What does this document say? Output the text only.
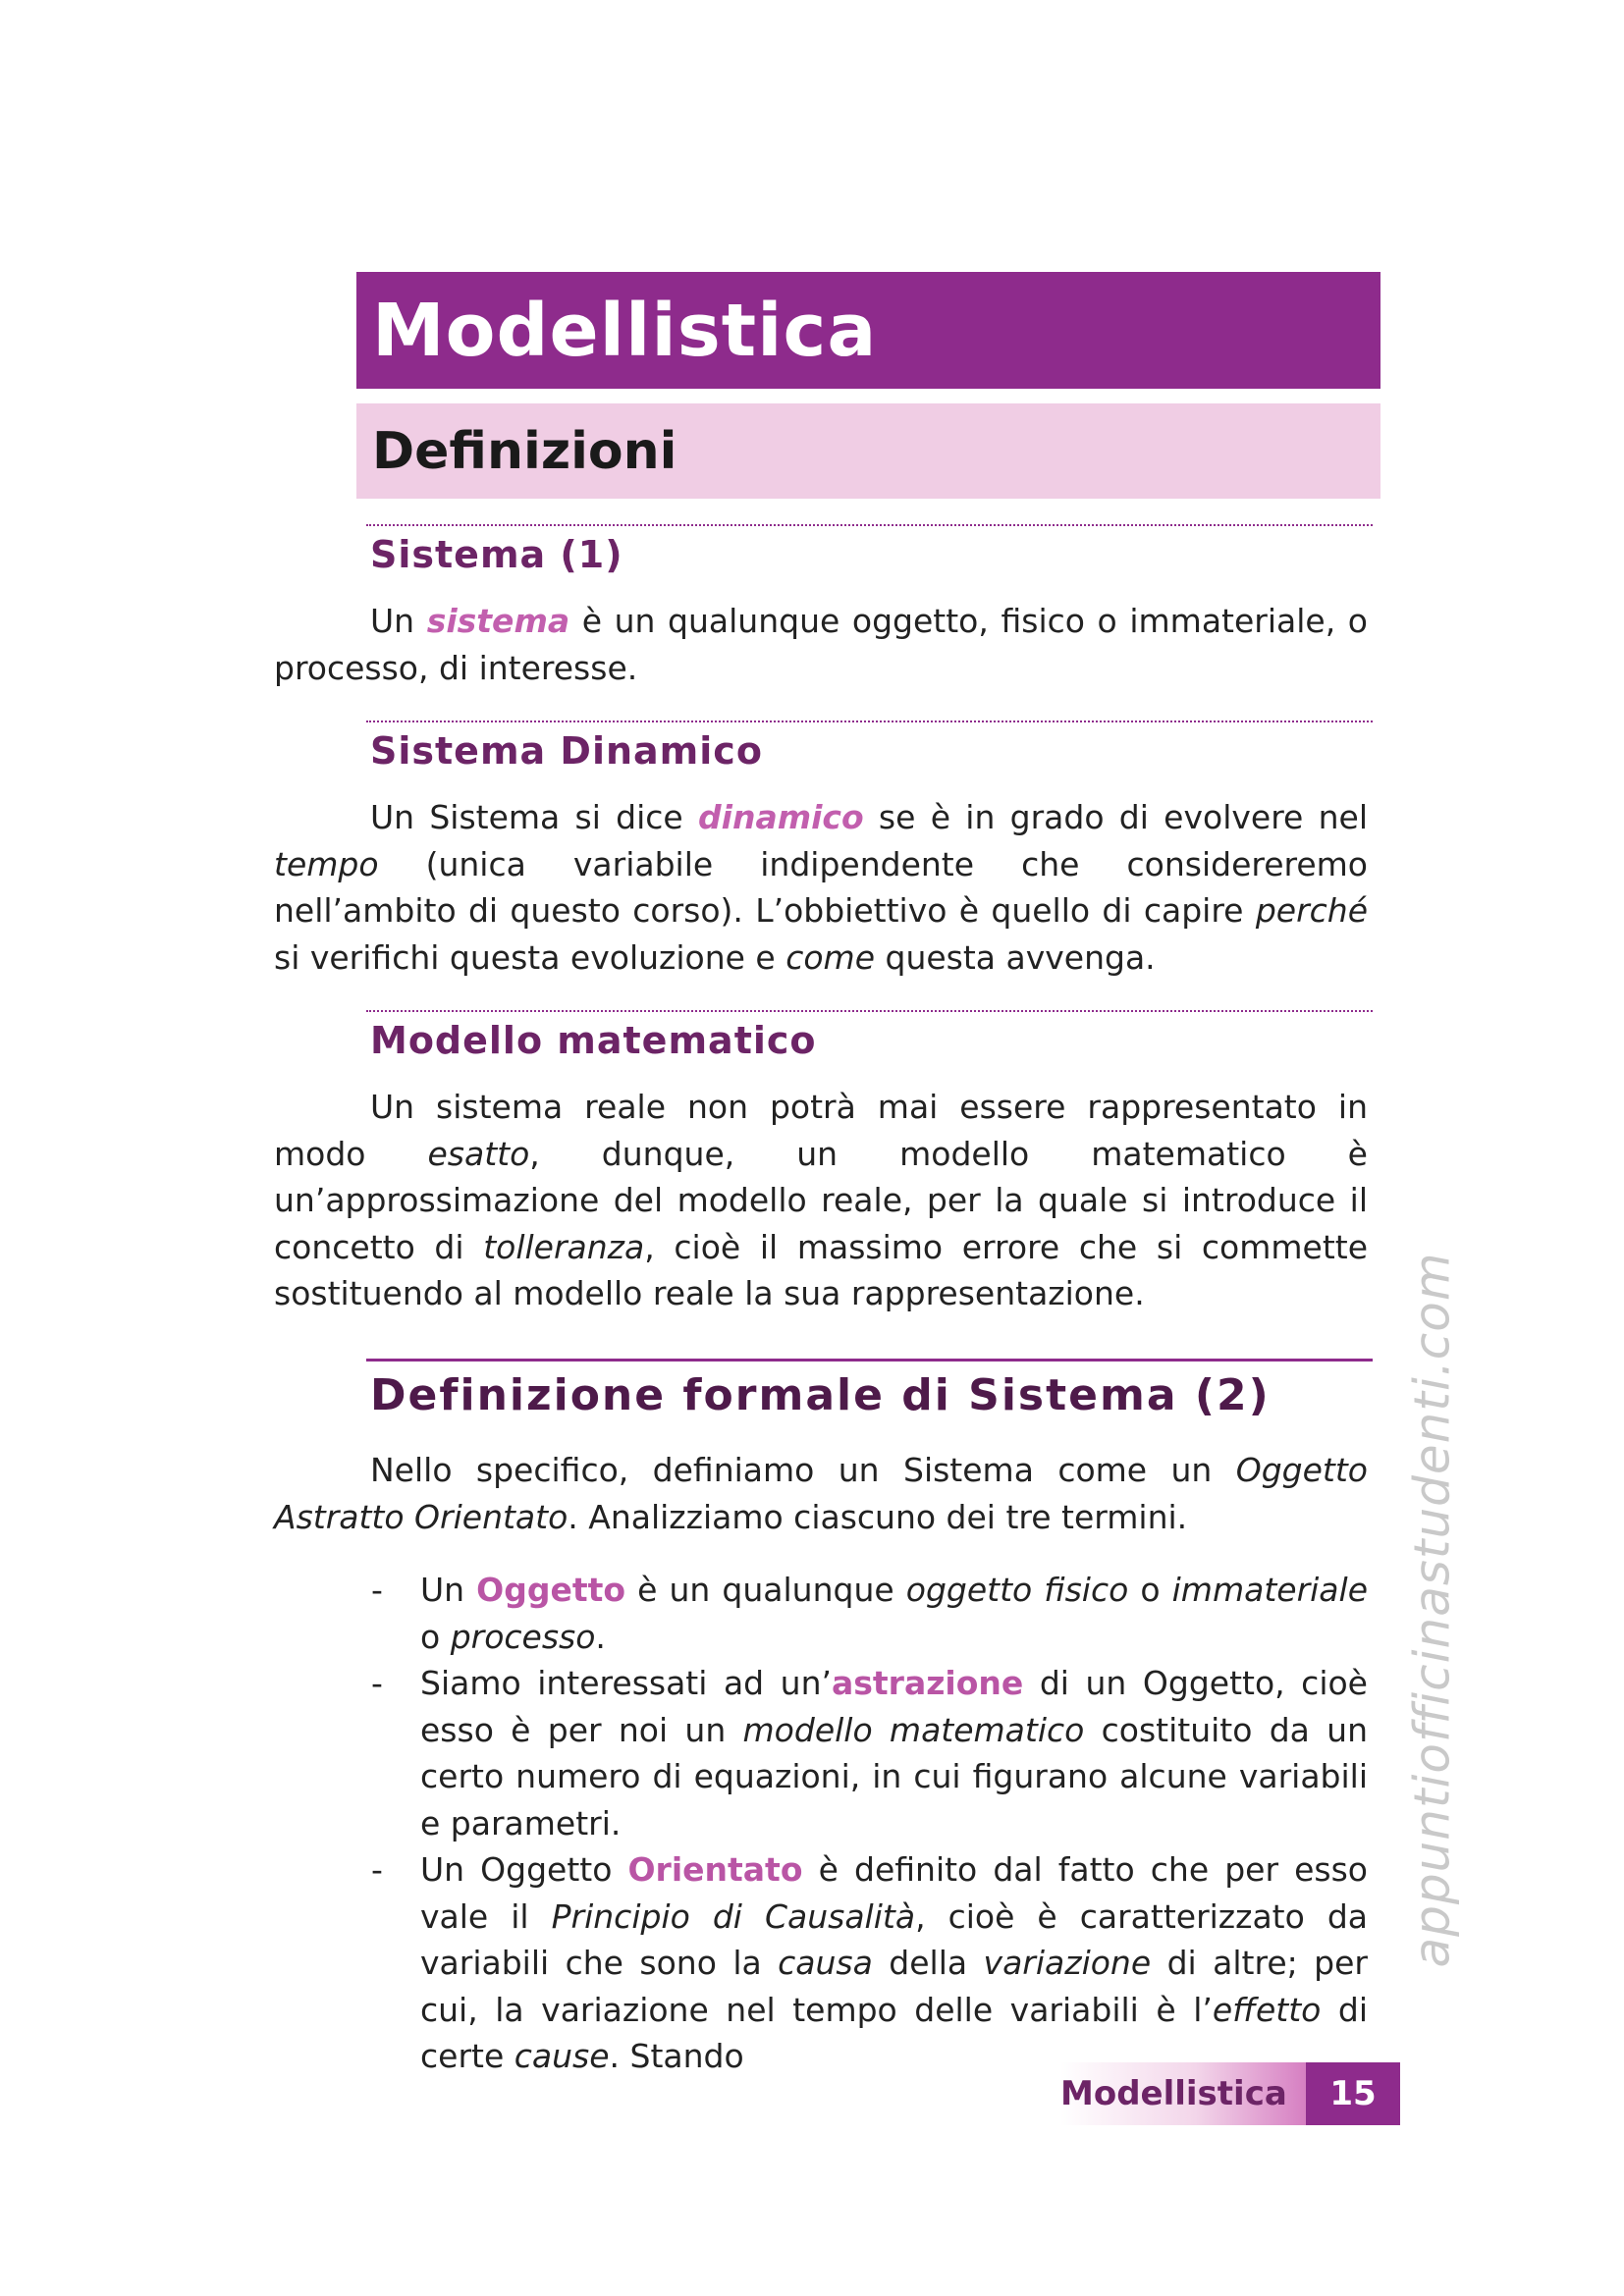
Modellistica
Definizioni
Sistema (1)

Un sistema è un qualunque oggetto, fisico o immateriale, o processo, di interesse.

Sistema Dinamico

Un Sistema si dice dinamico se è in grado di evolvere nel tempo (unica variabile indipendente che considereremo nell’ambito di questo corso). L’obbiettivo è quello di capire perché si verifichi questa evoluzione e come questa avvenga.

Modello matematico

Un sistema reale non potrà mai essere rappresentato in modo esatto, dunque, un modello matematico è un’approssimazione del modello reale, per la quale si introduce il concetto di tolleranza, cioè il massimo errore che si commette sostituendo al modello reale la sua rappresentazione.

Definizione formale di Sistema (2)

Nello specifico, definiamo un Sistema come un Oggetto Astratto Orientato. Analizziamo ciascuno dei tre termini.

- Un Oggetto è un qualunque oggetto fisico o immateriale o processo.
- Siamo interessati ad un’astrazione di un Oggetto, cioè esso è per noi un modello matematico costituito da un certo numero di equazioni, in cui figurano alcune variabili e parametri.
- Un Oggetto Orientato è definito dal fatto che per esso vale il Principio di Causalità, cioè è caratterizzato da variabili che sono la causa della variazione di altre; per cui, la variazione nel tempo delle variabili è l’effetto di certe cause. Stando
appuntiofficinastudenti.com
Modellistica	15
